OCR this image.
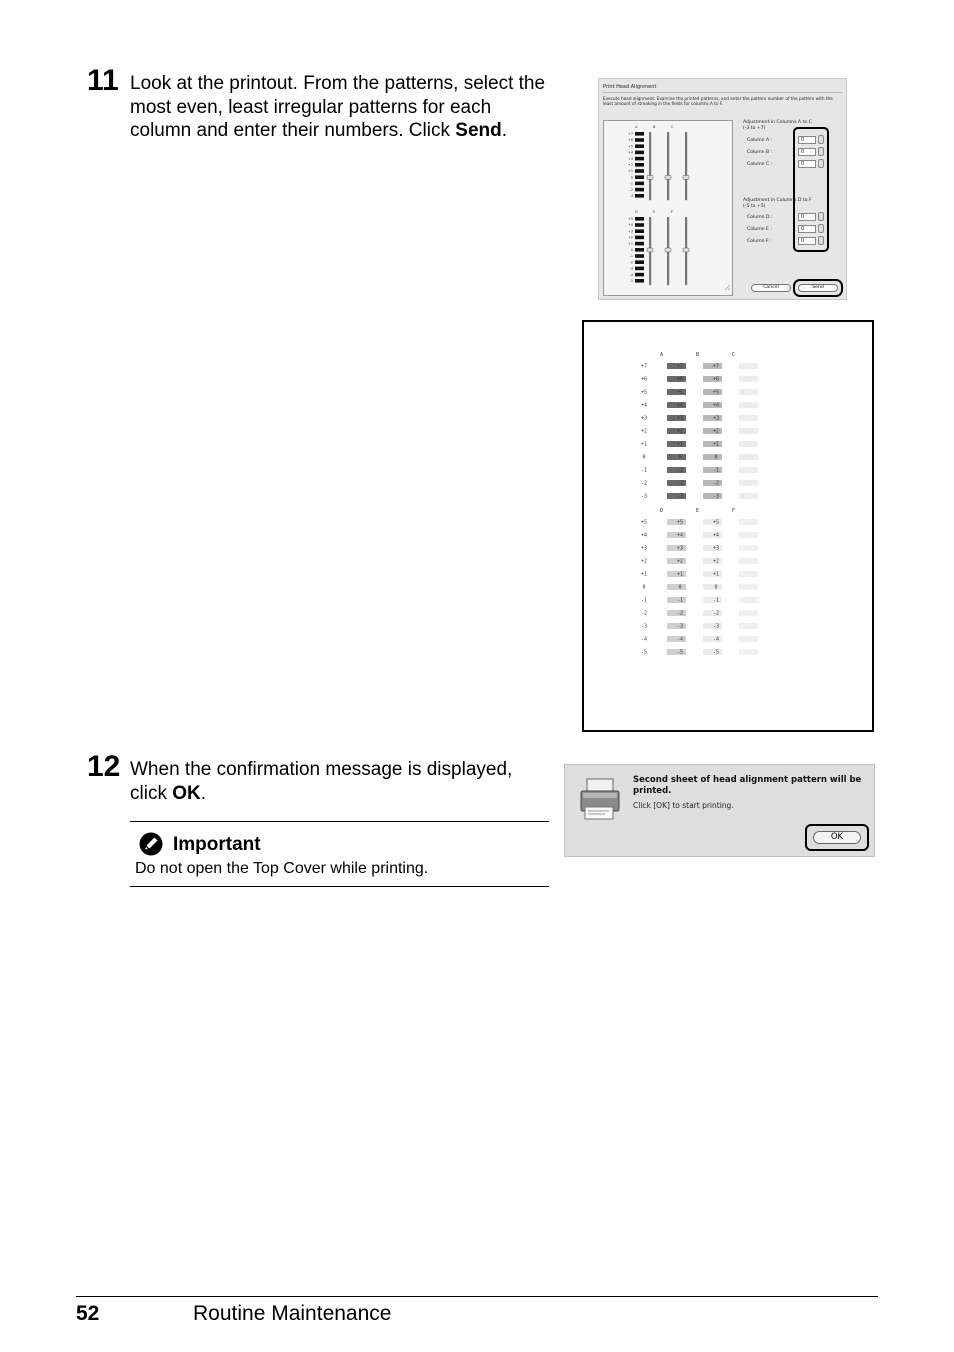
11 Look at the printout. From the patterns, select the most even, least irregular patterns for each column and enter their numbers. Click Send.

Print Head Alignment
Execute head alignment. Examine the printed patterns, and enter the pattern number of the pattern with the least amount of streaking in the fields for columns A to F.
A	B	C
+7
+6
+5
+4
+3
+2
+1
0
-1
-2
-3
D	E	F
+5
+4
+3
+2
+1
0
-1
-2
-3
-4
-5
Adjustment in Columns A to C
(-3 to +7)
Adjustment in Columns D to F
(-5 to +5)
Column A :	0
Column B :	0
Column C :	0
Column D :	0
Column E :	0
Column F :	0
Cancel	Send
A	B	C
+7	+7	+7
+6	+6	+6
+5	+5	+5
+4	+4	+4
+3	+3	+3
+2	+2	+2
+1	+1	+1
0	0	0
-1	-1	-1
-2	-2	-2
-3	-3	-3
D	E	F
+5	+5	+5
+4	+4	+4
+3	+3	+3
+2	+2	+2
+1	+1	+1
0	0	0
-1	-1	-1
-2	-2	-2
-3	-3	-3
-4	-4	-4
-5	-5	-5
12 When the confirmation message is displayed, click OK.

Second sheet of head alignment pattern will be printed.
Click [OK] to start printing.
OK
Important
Do not open the Top Cover while printing.
52	Routine Maintenance
